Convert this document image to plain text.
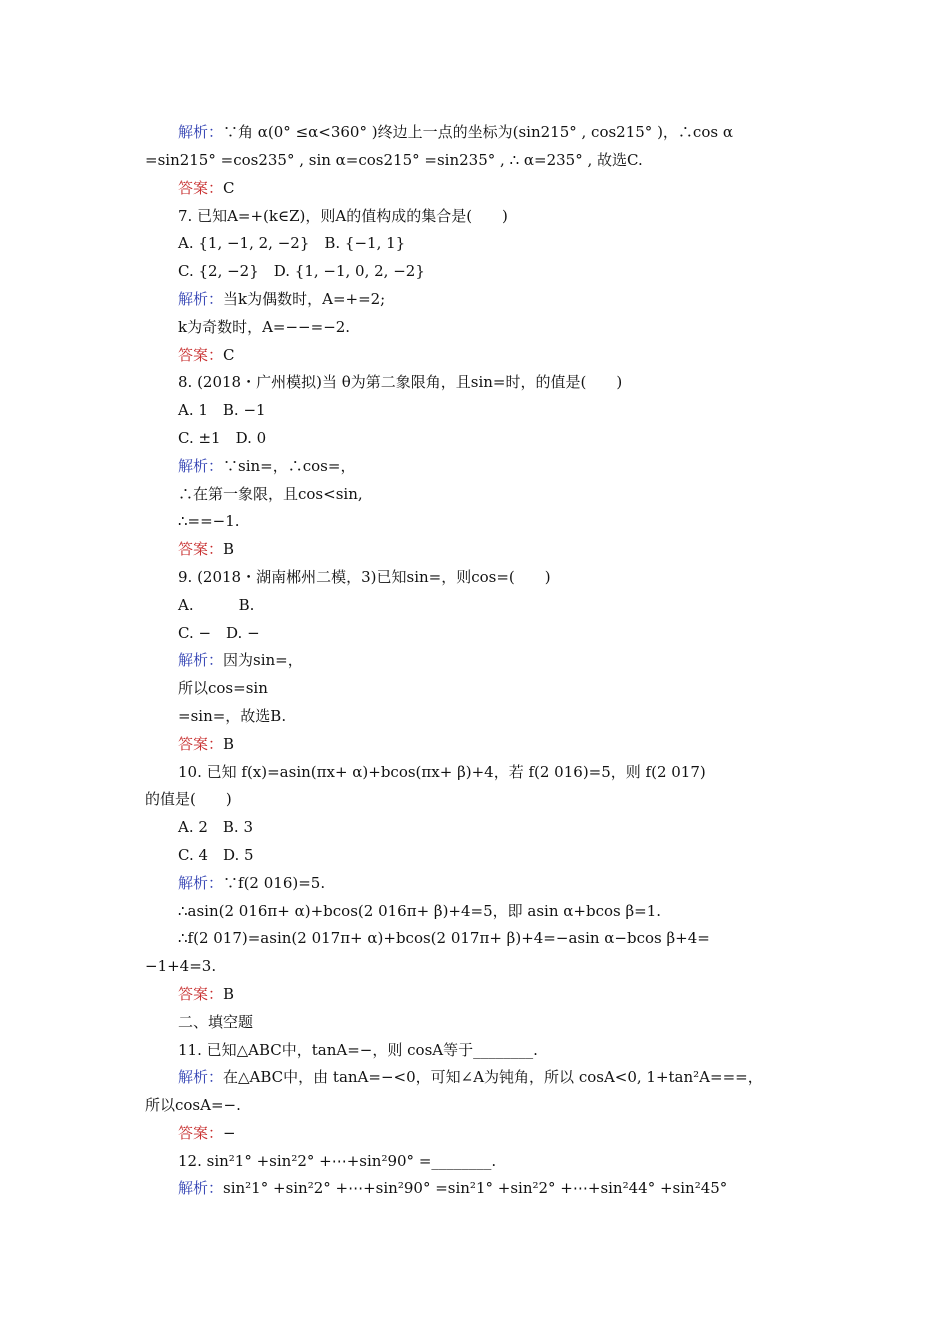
解析：∵角 α(0° ≤α<360° )终边上一点的坐标为(sin215° , cos215° )，∴cos α
=sin215° =cos235° , sin α=cos215° =sin235° , ∴ α=235° , 故选C.
答案：C
7. 已知A=+(k∈Z)，则A的值构成的集合是(　　)
A. {1, −1, 2, −2}　B. {−1, 1}
C. {2, −2}　D. {1, −1, 0, 2, −2}
解析：当k为偶数时，A=+=2;
k为奇数时，A=−−=−2.
答案：C
8. (2018・广州模拟)当 θ为第二象限角，且sin=时，的值是(　　)
A. 1　B. −1
C. ±1　D. 0
解析：∵sin=，∴cos=，
∴在第一象限，且cos<sin,
∴==−1.
答案：B
9. (2018・湖南郴州二模，3)已知sin=，则cos=(　　)
A.　　　B.
C. −　D. −
解析：因为sin=，
所以cos=sin
=sin=，故选B.
答案：B
10. 已知 f(x)=asin(πx+ α)+bcos(πx+ β)+4，若 f(2 016)=5，则 f(2 017)
的值是(　　)
A. 2　B. 3
C. 4　D. 5
解析：∵f(2 016)=5.
∴asin(2 016π+ α)+bcos(2 016π+ β)+4=5，即 asin α+bcos β=1.
∴f(2 017)=asin(2 017π+ α)+bcos(2 017π+ β)+4=−asin α−bcos β+4=
−1+4=3.
答案：B
二、填空题
11. 已知△ABC中，tanA=−，则 cosA等于________.
解析：在△ABC中，由 tanA=−<0，可知∠A为钝角，所以 cosA<0, 1+tan²A===，
所以cosA=−.
答案：−
12. sin²1° +sin²2° +⋯+sin²90° =________.
解析：sin²1° +sin²2° +⋯+sin²90° =sin²1° +sin²2° +⋯+sin²44° +sin²45°
